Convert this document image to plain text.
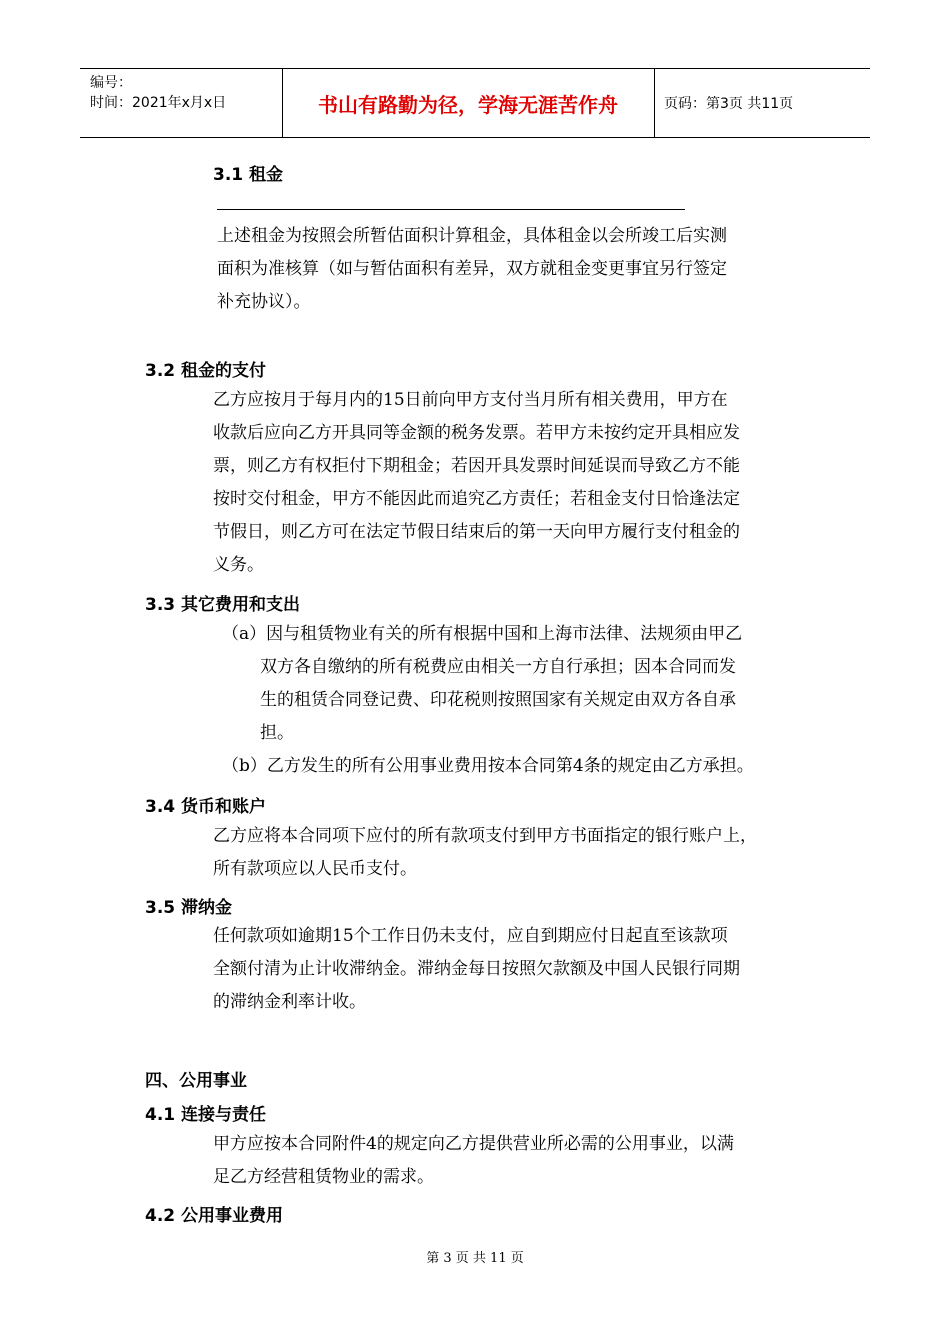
编号：
时间：2021年x月x日	书山有路勤为径，学海无涯苦作舟	页码：第3页 共11页
3.1 租金
上述租金为按照会所暂估面积计算租金，具体租金以会所竣工后实测
面积为准核算（如与暂估面积有差异，双方就租金变更事宜另行签定
补充协议）。
3.2 租金的支付
乙方应按月于每月内的15日前向甲方支付当月所有相关费用，甲方在
收款后应向乙方开具同等金额的税务发票。若甲方未按约定开具相应发
票，则乙方有权拒付下期租金；若因开具发票时间延误而导致乙方不能
按时交付租金，甲方不能因此而追究乙方责任；若租金支付日恰逢法定
节假日，则乙方可在法定节假日结束后的第一天向甲方履行支付租金的
义务。
3.3 其它费用和支出
（a）因与租赁物业有关的所有根据中国和上海市法律、法规须由甲乙
双方各自缴纳的所有税费应由相关一方自行承担；因本合同而发
生的租赁合同登记费、印花税则按照国家有关规定由双方各自承
担。
（b）乙方发生的所有公用事业费用按本合同第4条的规定由乙方承担。
3.4 货币和账户
乙方应将本合同项下应付的所有款项支付到甲方书面指定的银行账户上，
所有款项应以人民币支付。
3.5 滞纳金
任何款项如逾期15个工作日仍未支付，应自到期应付日起直至该款项
全额付清为止计收滞纳金。滞纳金每日按照欠款额及中国人民银行同期
的滞纳金利率计收。
四、公用事业
4.1 连接与责任
甲方应按本合同附件4的规定向乙方提供营业所必需的公用事业，以满
足乙方经营租赁物业的需求。
4.2 公用事业费用
第 3 页 共 11 页
